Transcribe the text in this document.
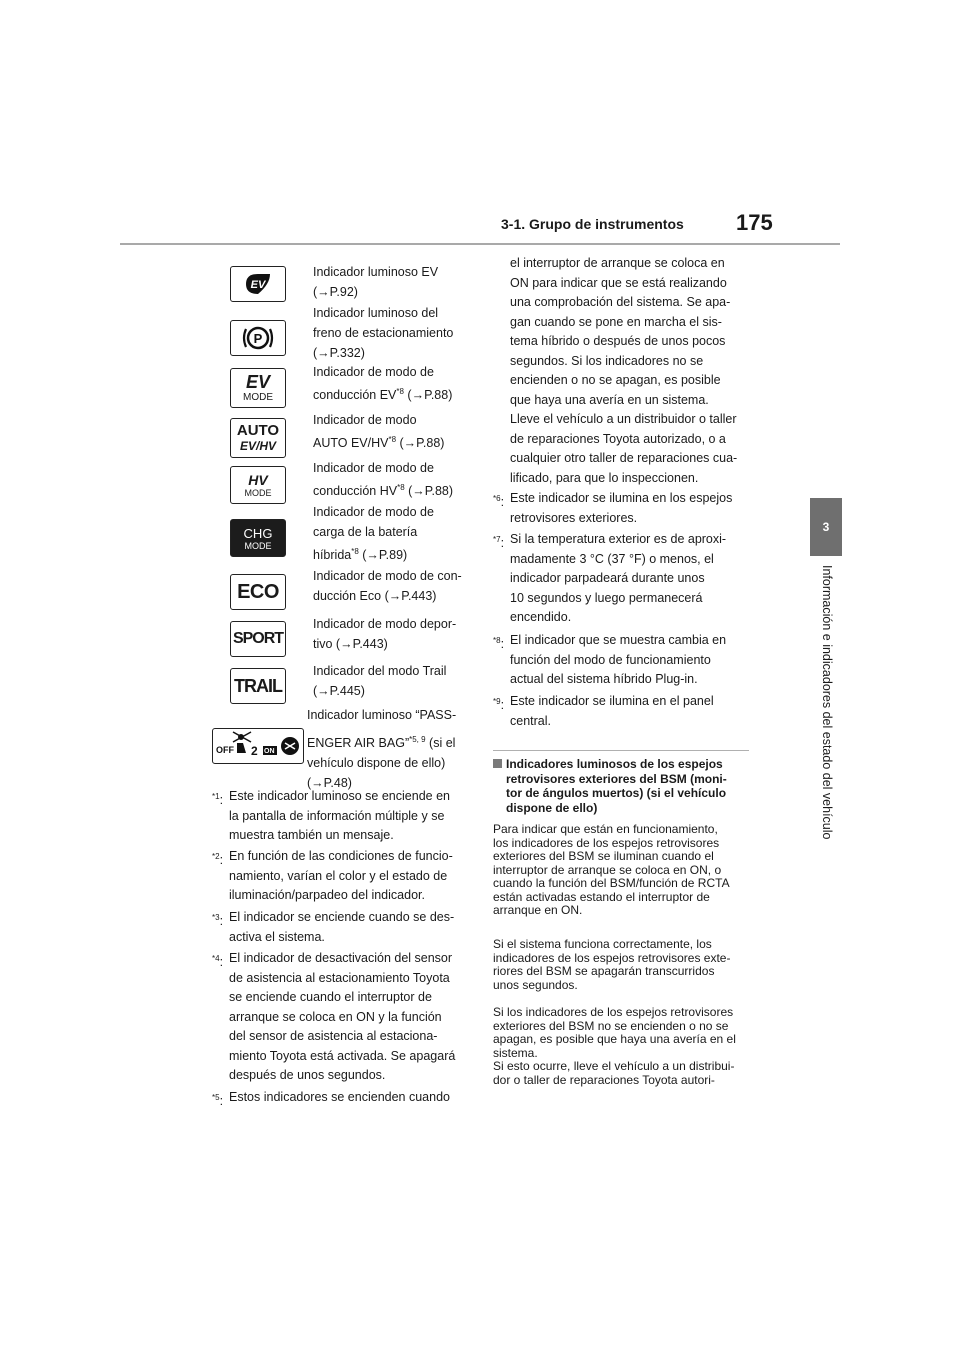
3-1. Grupo de instrumentos 175
3
Información e indicadores del estado del vehículo
EV
Indicador luminoso EV
(→P.92)
P
Indicador luminoso del
freno de estacionamiento
(→P.332)
EV
MODE
Indicador de modo de
conducción EV$^{*8}$ (→P.88)
AUTO
EV/HV
Indicador de modo
AUTO EV/HV$^{*8}$ (→P.88)
HV
MODE
Indicador de modo de
conducción HV$^{*8}$ (→P.88)
CHG
MODE
Indicador de modo de
carga de la batería
híbrida$^{*8}$ (→P.89)
ECO
Indicador de modo de con-
ducción Eco (→P.443)
SPORT
Indicador de modo depor-
tivo (→P.443)
TRAIL
Indicador del modo Trail
(→P.445)
OFF 2 ON
Indicador luminoso “PASS-
ENGER AIR BAG”$^{*5, 9}$ (si el
vehículo dispone de ello)
(→P.48)
$^{*1}$: Este indicador luminoso se enciende en
la pantalla de información múltiple y se
muestra también un mensaje.
$^{*2}$: En función de las condiciones de funcio-
namiento, varían el color y el estado de
iluminación/parpadeo del indicador.
$^{*3}$: El indicador se enciende cuando se des-
activa el sistema.
$^{*4}$: El indicador de desactivación del sensor
de asistencia al estacionamiento Toyota
se enciende cuando el interruptor de
arranque se coloca en ON y la función
del sensor de asistencia al estaciona-
miento Toyota está activada. Se apagará
después de unos segundos.
$^{*5}$: Estos indicadores se encienden cuando
el interruptor de arranque se coloca en
ON para indicar que se está realizando
una comprobación del sistema. Se apa-
gan cuando se pone en marcha el sis-
tema híbrido o después de unos pocos
segundos. Si los indicadores no se
encienden o no se apagan, es posible
que haya una avería en un sistema.
Lleve el vehículo a un distribuidor o taller
de reparaciones Toyota autorizado, o a
cualquier otro taller de reparaciones cua-
lificado, para que lo inspeccionen.
$^{*6}$: Este indicador se ilumina en los espejos
retrovisores exteriores.
$^{*7}$: Si la temperatura exterior es de aproxi-
madamente 3 °C (37 °F) o menos, el
indicador parpadeará durante unos
10 segundos y luego permanecerá
encendido.
$^{*8}$: El indicador que se muestra cambia en
función del modo de funcionamiento
actual del sistema híbrido Plug-in.
$^{*9}$: Este indicador se ilumina en el panel
central.
Indicadores luminosos de los espejos
retrovisores exteriores del BSM (moni-
tor de ángulos muertos) (si el vehículo
dispone de ello)
Para indicar que están en funcionamiento,
los indicadores de los espejos retrovisores
exteriores del BSM se iluminan cuando el
interruptor de arranque se coloca en ON, o
cuando la función del BSM/función de RCTA
están activadas estando el interruptor de
arranque en ON.
Si el sistema funciona correctamente, los
indicadores de los espejos retrovisores exte-
riores del BSM se apagarán transcurridos
unos segundos.
Si los indicadores de los espejos retrovisores
exteriores del BSM no se encienden o no se
apagan, es posible que haya una avería en el
sistema.
Si esto ocurre, lleve el vehículo a un distribui-
dor o taller de reparaciones Toyota autori-
